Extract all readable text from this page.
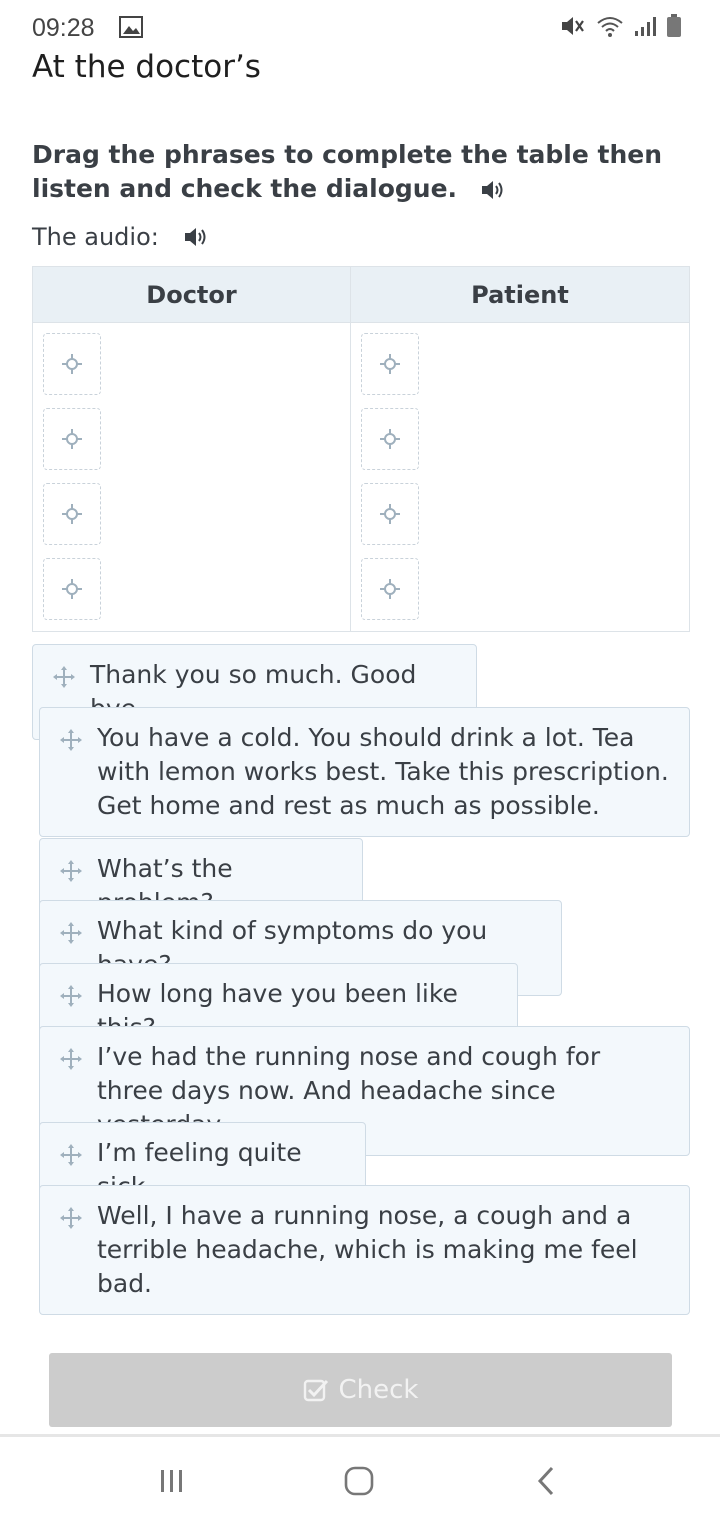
09:28
At the doctor’s
Drag the phrases to complete the table then listen and check the dialogue.
The audio:
Doctor	Patient
Thank you so much. Good
You have a cold. You should drink a lot. Tea with lemon works best. Take this prescription. Get home and rest as much as possible.
What’s the
What kind of symptoms do you
How long have you been like
I’ve had the running nose and cough for three days now. And headache since
I’m feeling quite
Well, I have a running nose, a cough and a terrible headache, which is making me feel bad.
Check
